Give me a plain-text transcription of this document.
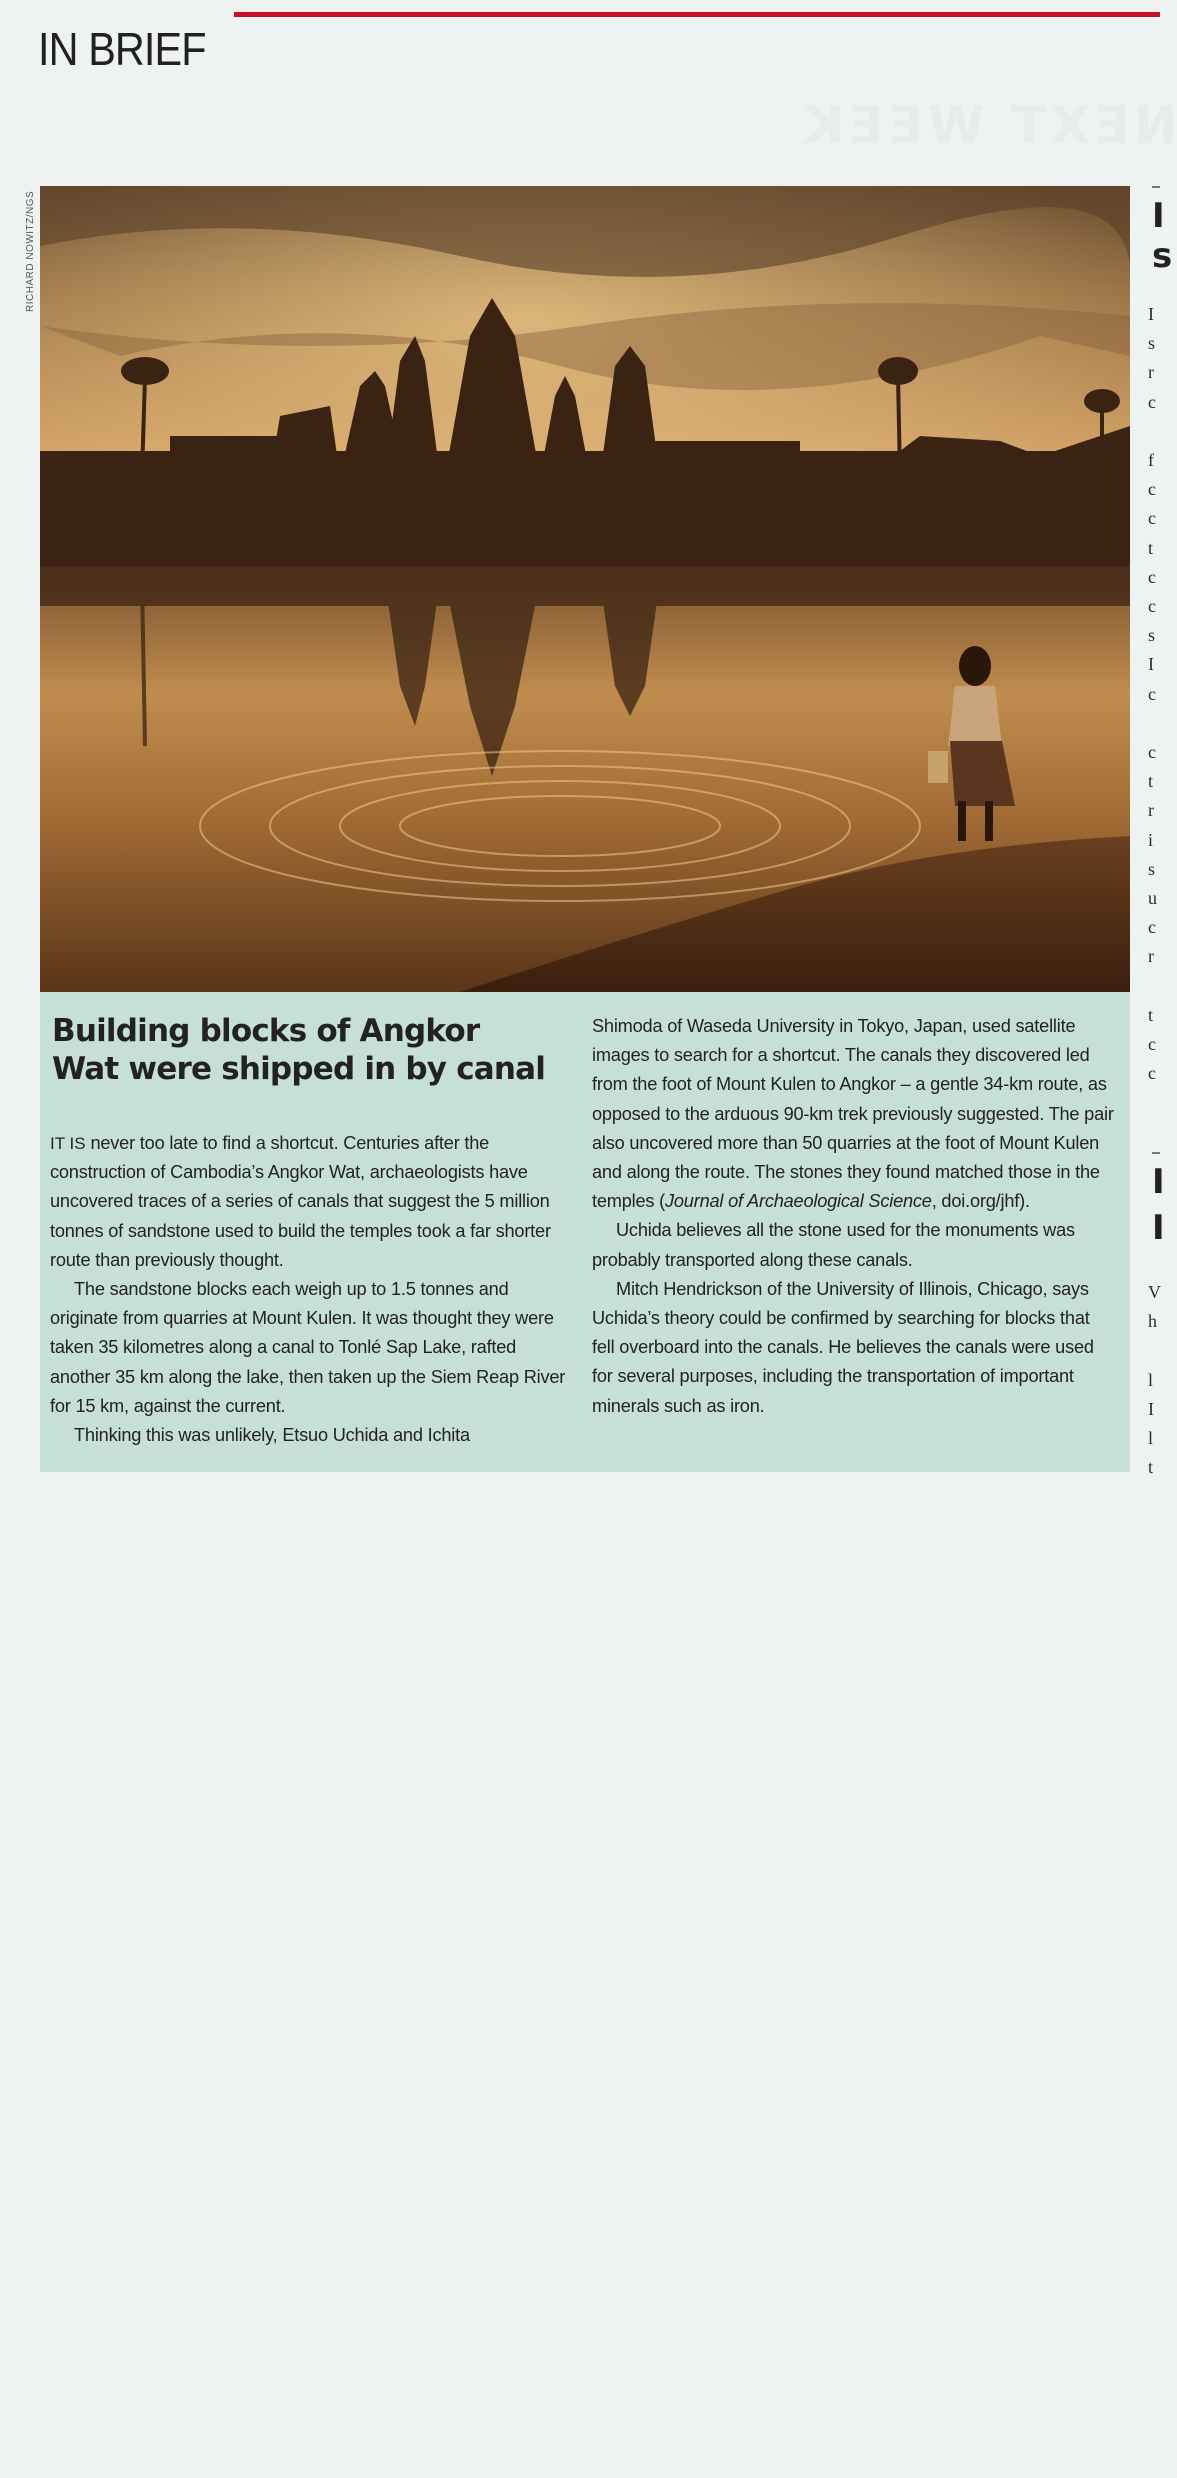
IN BRIEF
NEXT WEEK
RICHARD NOWITZ/NGS
Building blocks of Angkor
Wat were shipped in by canal

IT IS never too late to find a shortcut. Centuries after the construction of Cambodia’s Angkor Wat, archaeologists have uncovered traces of a series of canals that suggest the 5 million tonnes of sandstone used to build the temples took a far shorter route than previously thought.

The sandstone blocks each weigh up to 1.5 tonnes and originate from quarries at Mount Kulen. It was thought they were taken 35 kilometres along a canal to Tonlé Sap Lake, rafted another 35 km along the lake, then taken up the Siem Reap River for 15 km, against the current.

Thinking this was unlikely, Etsuo Uchida and Ichita

Shimoda of Waseda University in Tokyo, Japan, used satellite images to search for a shortcut. The canals they discovered led from the foot of Mount Kulen to Angkor – a gentle 34-km route, as opposed to the arduous 90-km trek previously suggested. The pair also uncovered more than 50 quarries at the foot of Mount Kulen and along the route. The stones they found matched those in the temples (Journal of Archaeological Science, doi.org/jhf).

Uchida believes all the stone used for the monuments was probably transported along these canals.

Mitch Hendrickson of the University of Illinois, Chicago, says Uchida’s theory could be confirmed by searching for blocks that fell overboard into the canals. He believes the canals were used for several purposes, including the transportation of important minerals such as iron.

I
s
I
s
r
c

f
c
c
t
c
c
s
I
c

c
t
r
i
s
u
c
r

t
c
c
I
I
V
h

l
I
l
t
